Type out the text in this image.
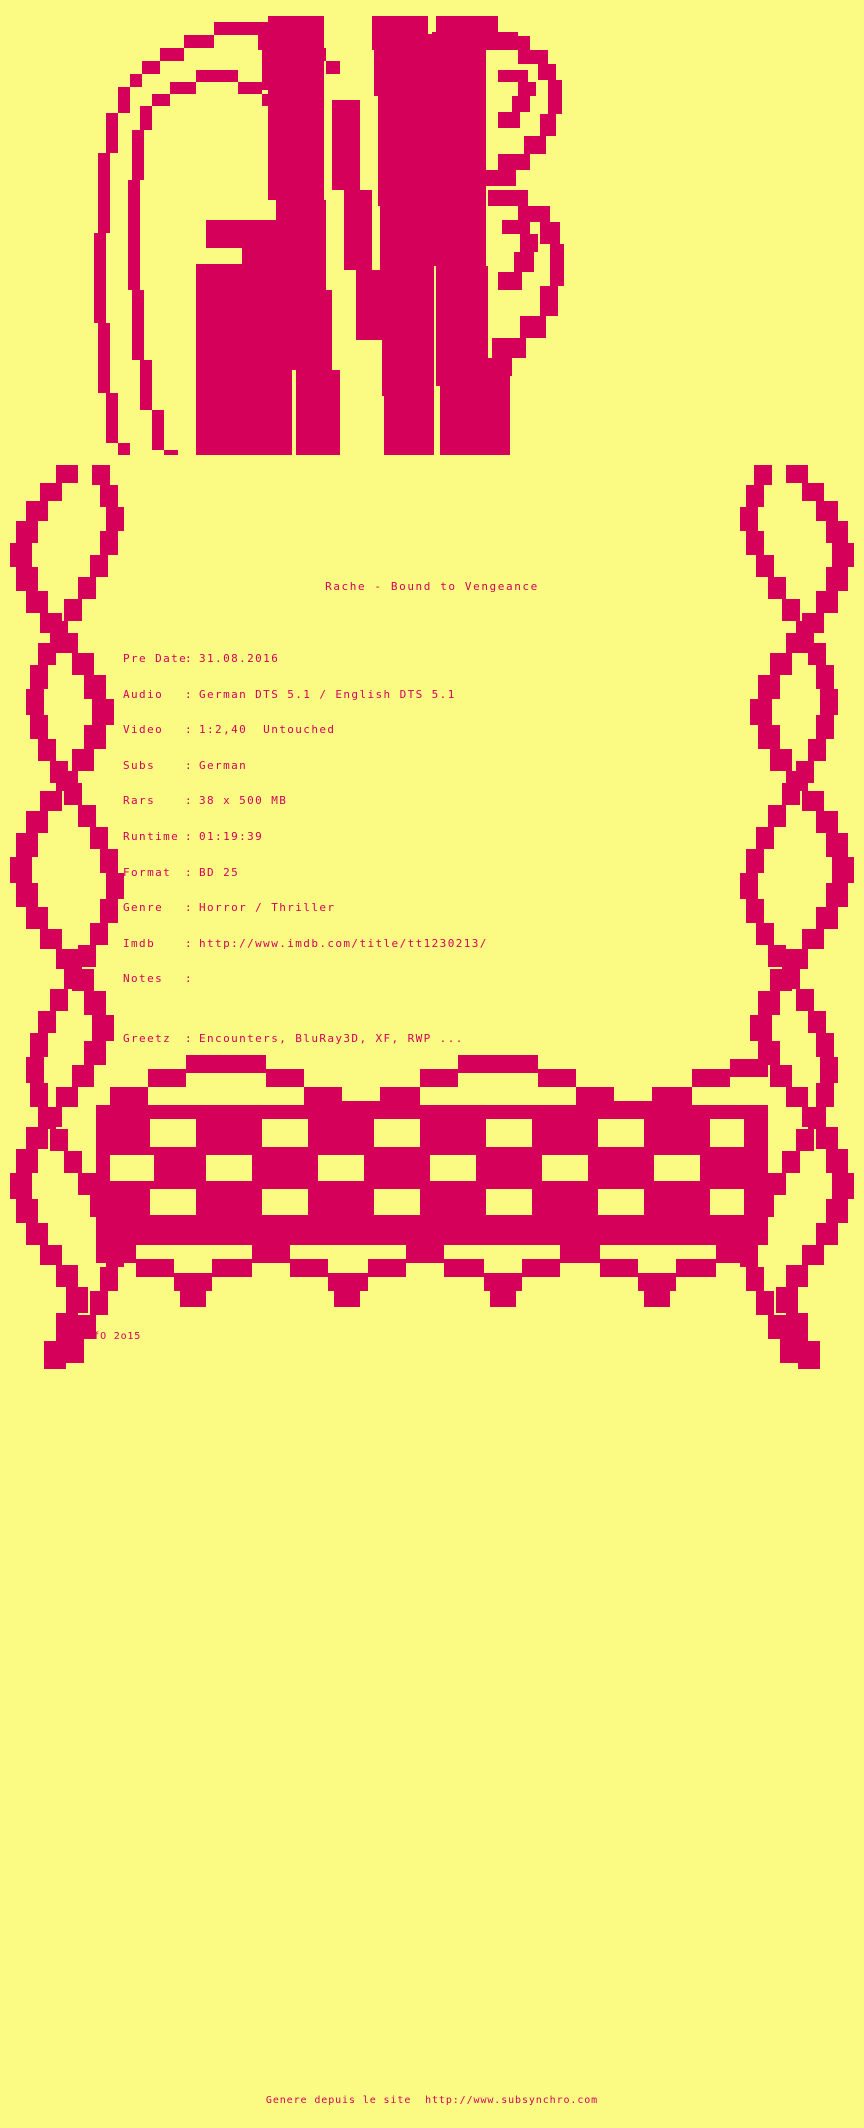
Rache - Bound to Vengeance
Pre Date: 31.08.2016
Audio : German DTS 5.1 / English DTS 5.1
Video : 1:2,40  Untouched
Subs	: German
Rars	: 38 x 500 MB
Runtime : 01:19:39
Format : BD 25
Genre : Horror / Thriller
Imdb	: http://www.imdb.com/title/tt1230213/
Notes :
Greetz : Encounters, BluRay3D, XF, RWP ...
XX^NfO 2o15
Genere depuis le site  http://www.subsynchro.com
